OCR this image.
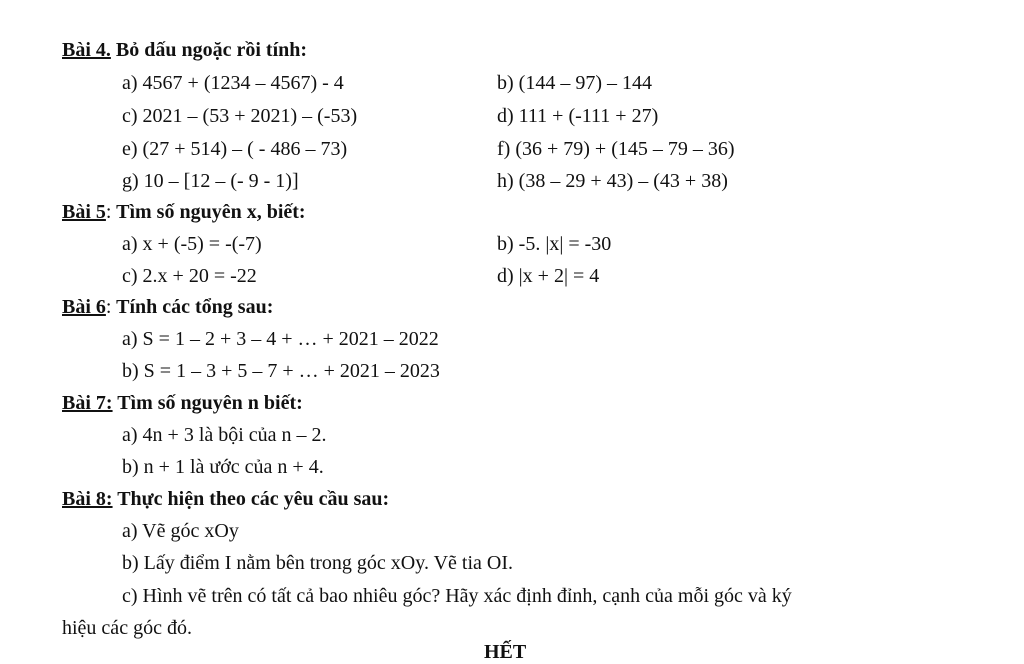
Bài 4. Bỏ dấu ngoặc rồi tính:
a) 4567 + (1234 – 4567) - 4	b) (144 – 97) – 144
c) 2021 – (53 + 2021) – (-53)	d) 111 + (-111 + 27)
e) (27 + 514) – ( - 486 – 73)	f) (36 + 79) + (145 – 79 – 36)
g) 10 – [12 – (- 9 - 1)]	h) (38 – 29 + 43) – (43 + 38)
Bài 5: Tìm số nguyên x, biết:
a) x + (-5) = -(-7)	b) -5. |x| = -30
c) 2.x + 20 = -22	d) |x + 2| = 4
Bài 6: Tính các tổng sau:
a) S = 1 – 2 + 3 – 4 + … + 2021 – 2022
b) S = 1 – 3 + 5 – 7 + … + 2021 – 2023
Bài 7: Tìm số nguyên n biết:
a) 4n + 3 là bội của n – 2.
b) n + 1 là ước của n + 4.
Bài 8: Thực hiện theo các yêu cầu sau:
a) Vẽ góc xOy
b) Lấy điểm I nằm bên trong góc xOy. Vẽ tia OI.
c) Hình vẽ trên có tất cả bao nhiêu góc? Hãy xác định đỉnh, cạnh của mỗi góc và ký
hiệu các góc đó.
HẾT
